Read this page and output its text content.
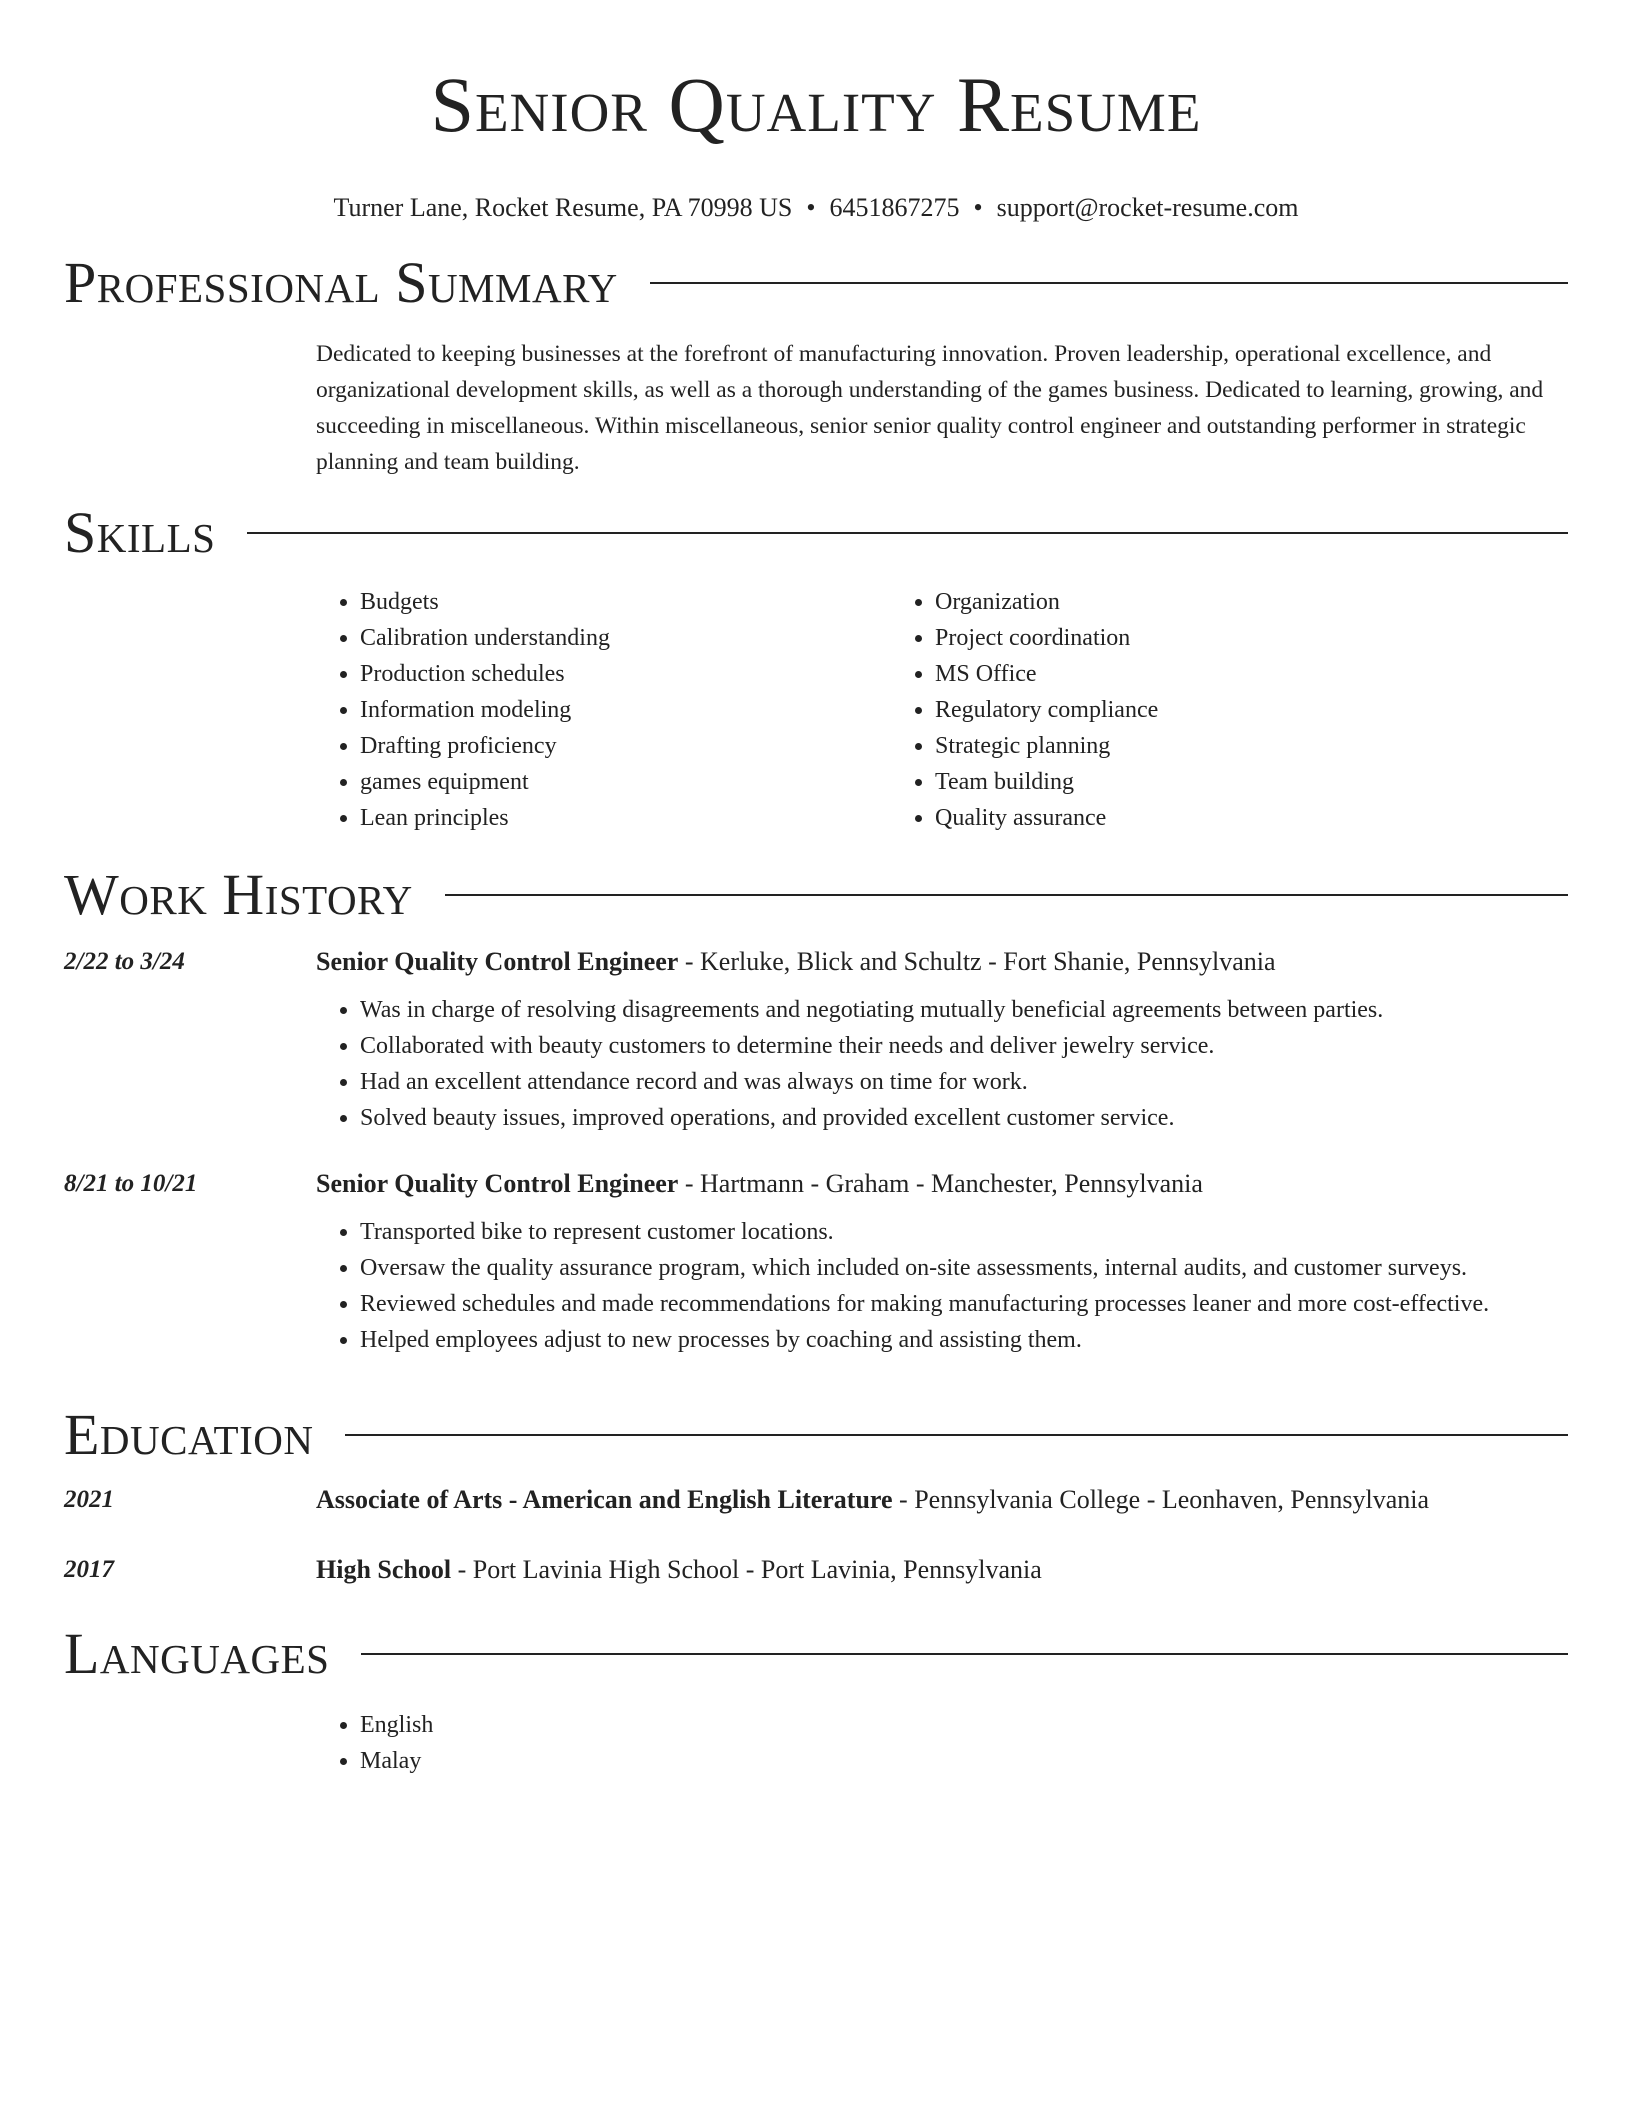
Senior Quality Resume
Turner Lane, Rocket Resume, PA 70998 US • 6451867275 • support@rocket-resume.com
Professional Summary
Dedicated to keeping businesses at the forefront of manufacturing innovation. Proven leadership, operational excellence, and organizational development skills, as well as a thorough understanding of the games business. Dedicated to learning, growing, and succeeding in miscellaneous. Within miscellaneous, senior senior quality control engineer and outstanding performer in strategic planning and team building.
Skills
• Budgets
• Calibration understanding
• Production schedules
• Information modeling
• Drafting proficiency
• games equipment
• Lean principles
• Organization
• Project coordination
• MS Office
• Regulatory compliance
• Strategic planning
• Team building
• Quality assurance
Work History
2/22 to 3/24	Senior Quality Control Engineer - Kerluke, Blick and Schultz - Fort Shanie, Pennsylvania
• Was in charge of resolving disagreements and negotiating mutually beneficial agreements between parties.
• Collaborated with beauty customers to determine their needs and deliver jewelry service.
• Had an excellent attendance record and was always on time for work.
• Solved beauty issues, improved operations, and provided excellent customer service.
8/21 to 10/21	Senior Quality Control Engineer - Hartmann - Graham - Manchester, Pennsylvania
• Transported bike to represent customer locations.
• Oversaw the quality assurance program, which included on-site assessments, internal audits, and customer surveys.
• Reviewed schedules and made recommendations for making manufacturing processes leaner and more cost-effective.
• Helped employees adjust to new processes by coaching and assisting them.
Education
2021	Associate of Arts - American and English Literature - Pennsylvania College - Leonhaven, Pennsylvania
2017	High School - Port Lavinia High School - Port Lavinia, Pennsylvania
Languages
• English
• Malay
